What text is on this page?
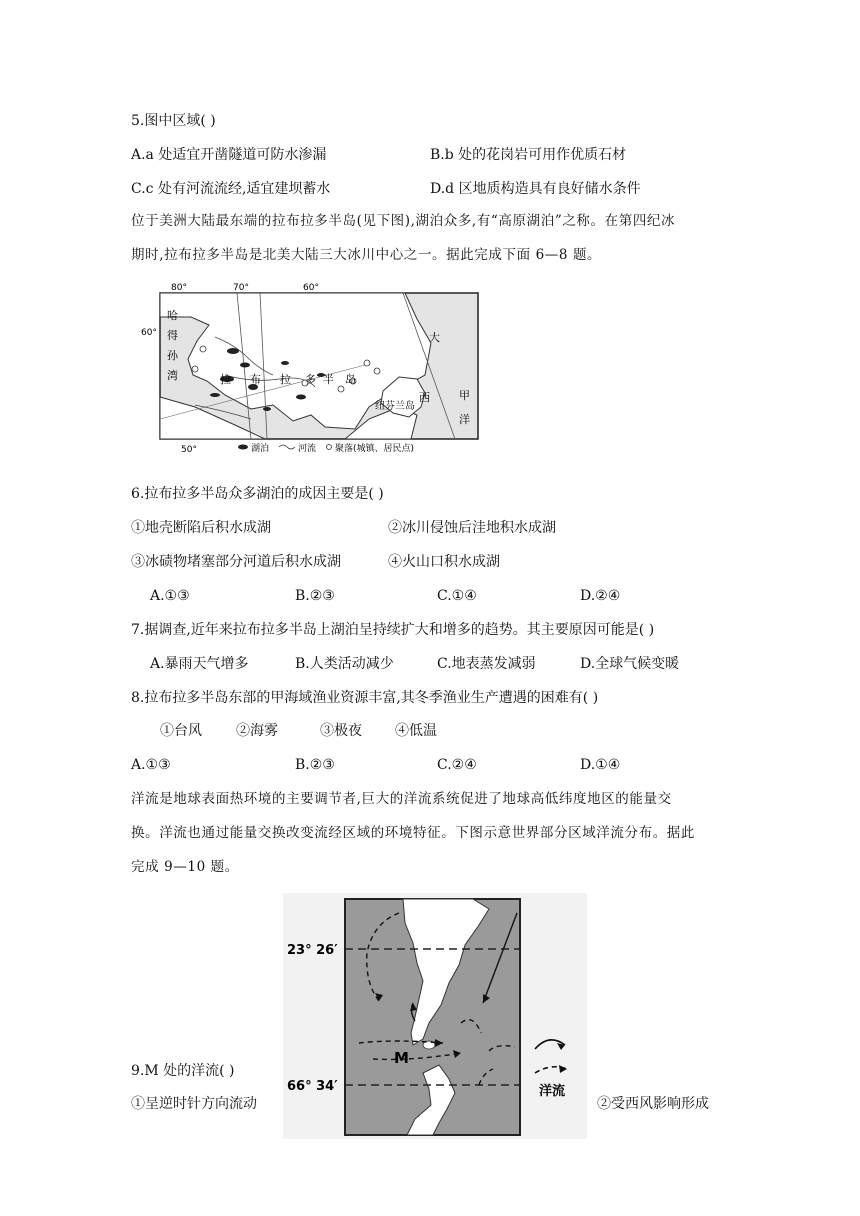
5.图中区域( )
A.a 处适宜开凿隧道可防水渗漏	B.b 处的花岗岩可用作优质石材
C.c 处有河流流经,适宜建坝蓄水	D.d 区地质构造具有良好储水条件
位于美洲大陆最东端的拉布拉多半岛(见下图),湖泊众多,有“高原湖泊”之称。在第四纪冰
期时,拉布拉多半岛是北美大陆三大冰川中心之一。据此完成下面 6—8 题。
80°	70°	60°
60°
50°
哈
得
孙
湾	拉 布 拉 多 半 岛
纽芬兰岛
大
甲
西
洋
湖泊	河流 聚落(城镇、居民点)
6.拉布拉多半岛众多湖泊的成因主要是( )
①地壳断陷后积水成湖	②冰川侵蚀后洼地积水成湖
③冰碛物堵塞部分河道后积水成湖	④火山口积水成湖
A.①③	B.②③	C.①④	D.②④
7.据调查,近年来拉布拉多半岛上湖泊呈持续扩大和增多的趋势。其主要原因可能是( )
A.暴雨天气增多	B.人类活动减少	C.地表蒸发减弱	D.全球气候变暖
8.拉布拉多半岛东部的甲海域渔业资源丰富,其冬季渔业生产遭遇的困难有( )
①台风 ②海雾	③极夜 ④低温
A.①③	B.②③	C.②④	D.①④
洋流是地球表面热环境的主要调节者,巨大的洋流系统促进了地球高低纬度地区的能量交
换。洋流也通过能量交换改变流经区域的环境特征。下图示意世界部分区域洋流分布。据此
完成 9—10 题。
23° 26′
66° 34′
M
洋流
9.M 处的洋流( )
①呈逆时针方向流动	②受西风影响形成
